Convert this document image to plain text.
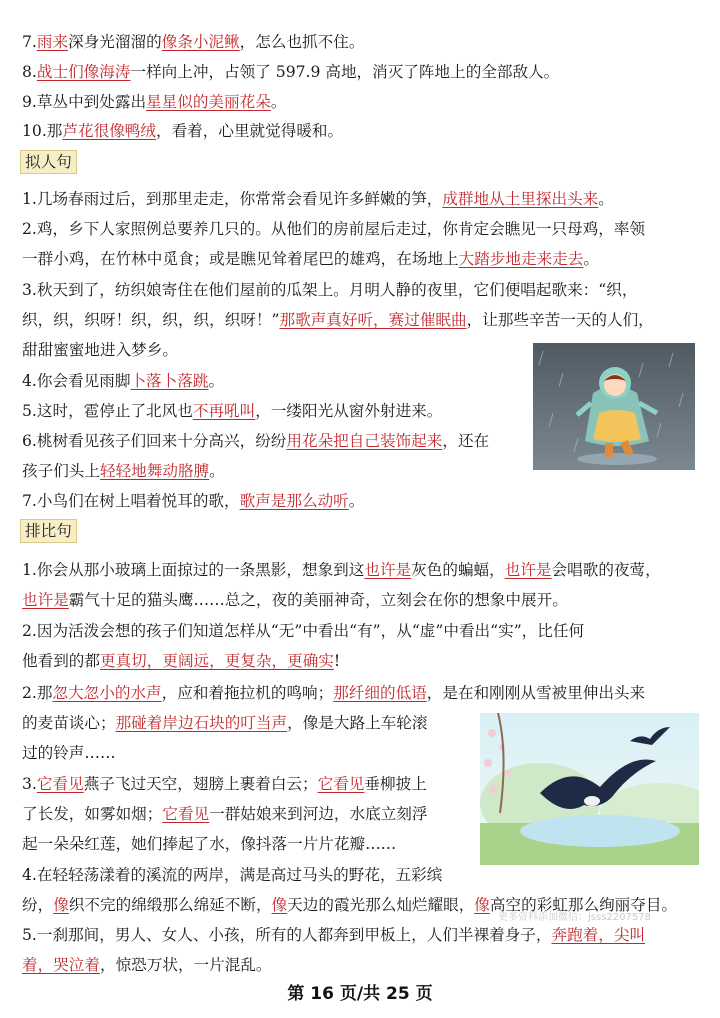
7.雨来深身光溜溜的像条小泥鳅，怎么也抓不住。
8.战士们像海涛一样向上冲，占领了 597.9 高地，消灭了阵地上的全部敌人。
9.草丛中到处露出星星似的美丽花朵。
10.那芦花很像鸭绒，看着，心里就觉得暖和。
1.几场春雨过后，到那里走走，你常常会看见许多鲜嫩的笋，成群地从土里探出头来。
2.鸡，乡下人家照例总要养几只的。从他们的房前屋后走过，你肯定会瞧见一只母鸡，率领
一群小鸡，在竹林中觅食；或是瞧见耸着尾巴的雄鸡，在场地上大踏步地走来走去。
3.秋天到了，纺织娘寄住在他们屋前的瓜架上。月明人静的夜里，它们便唱起歌来：“织，
织，织，织呀！织，织，织，织呀！”那歌声真好听，赛过催眠曲，让那些辛苦一天的人们，
甜甜蜜蜜地进入梦乡。
4.你会看见雨脚卜落卜落跳。
5.这时，雹停止了北风也不再吼叫，一缕阳光从窗外射进来。
6.桃树看见孩子们回来十分高兴，纷纷用花朵把自己装饰起来，还在
孩子们头上轻轻地舞动胳膊。
7.小鸟们在树上唱着悦耳的歌，歌声是那么动听。
1.你会从那小玻璃上面掠过的一条黑影，想象到这也许是灰色的蝙蝠，也许是会唱歌的夜莺，
也许是霸气十足的猫头鹰……总之，夜的美丽神奇，立刻会在你的想象中展开。
2.因为活泼会想的孩子们知道怎样从“无”中看出“有”，从“虚”中看出“实”，比任何
他看到的都更真切，更阔远，更复杂，更确实!
2.那忽大忽小的水声，应和着拖拉机的鸣响；那纤细的低语，是在和刚刚从雪被里伸出头来
的麦苗谈心；那碰着岸边石块的叮当声，像是大路上车轮滚
过的铃声……
3.它看见燕子飞过天空，翅膀上裹着白云；它看见垂柳披上
了长发，如雾如烟；它看见一群姑娘来到河边，水底立刻浮
起一朵朵红莲，她们捧起了水，像抖落一片片花瓣……
4.在轻轻荡漾着的溪流的两岸，满是高过马头的野花，五彩缤
纷，像织不完的绵缎那么绵延不断，像天边的霞光那么灿烂耀眼，像高空的彩虹那么绚丽夺目。
5.一刹那间，男人、女人、小孩，所有的人都奔到甲板上，人们半裸着身子，奔跑着，尖叫
着，哭泣着，惊恐万状，一片混乱。
拟人句
排比句
更多资料添加微信：jsss2207578
第 16 页/共 25 页
